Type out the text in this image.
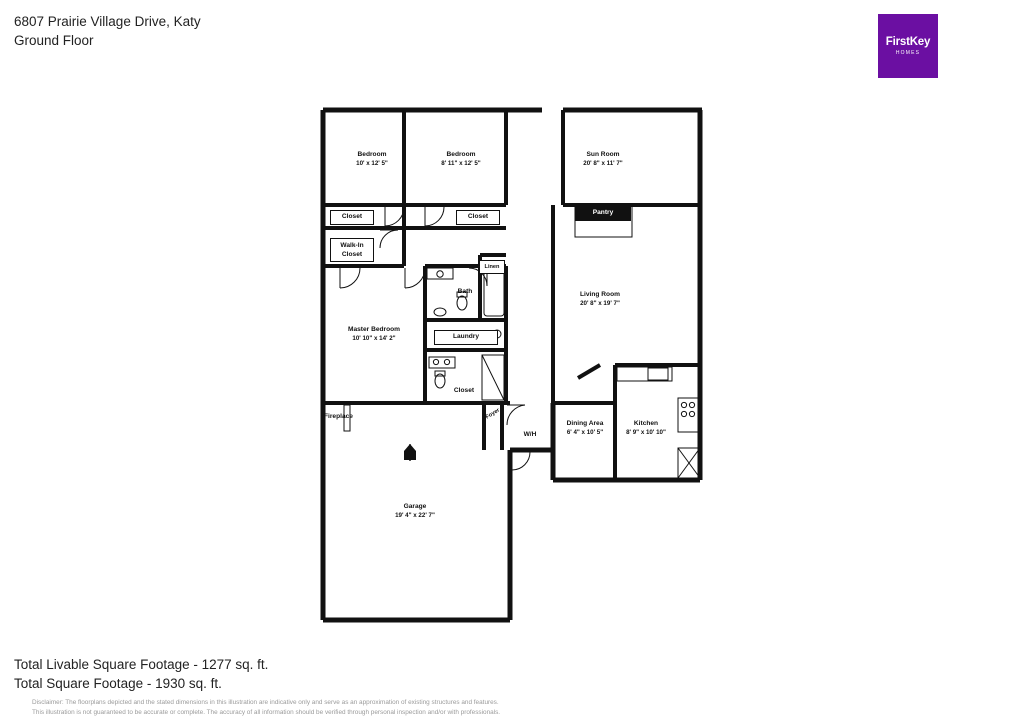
6807 Prairie Village Drive, Katy
Ground Floor	FirstKey
HOMES
Bedroom
10' x 12' 5"
Bedroom
8' 11" x 12' 5"
Sun Room
20' 8" x 11' 7"
Living Room
20' 8" x 19' 7"
Master Bedroom
10' 10" x 14' 2"
Dining Area
6' 4" x 10' 5"
Kitchen
8' 9" x 10' 10"
Garage
19' 4" x 22' 7"
Closet	Closet
Walk-In
Closet
Linen
Bath
Laundry
Closet
Foyer
W/H
Fireplace
Pantry
Total Livable Square Footage - 1277 sq. ft.
Total Square Footage - 1930 sq. ft.
Disclaimer: The floorplans depicted and the stated dimensions in this illustration are indicative only and serve as an approximation of existing structures and features.
This illustration is not guaranteed to be accurate or complete. The accuracy of all information should be verified through personal inspection and/or with professionals.
